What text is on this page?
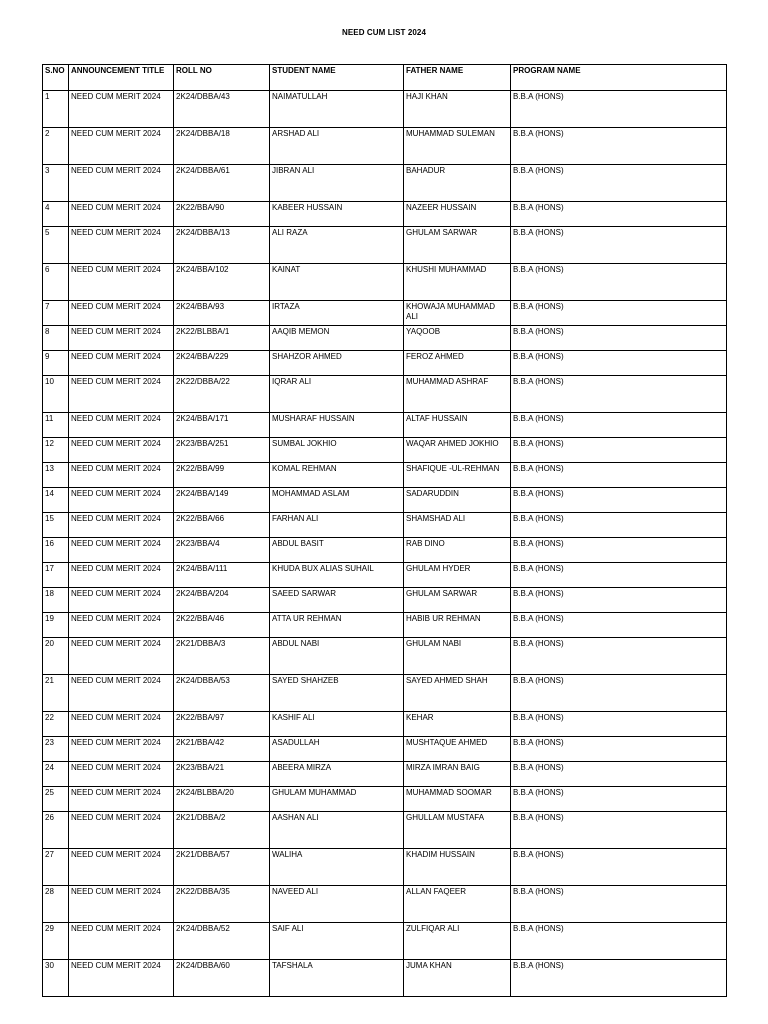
NEED CUM LIST 2024
S.NO	ANNOUNCEMENT TITLE	ROLL NO	STUDENT NAME	FATHER NAME	PROGRAM NAME
1	NEED CUM MERIT 2024	2K24/DBBA/43	NAIMATULLAH	HAJI KHAN	B.B.A (HONS)
2	NEED CUM MERIT 2024	2K24/DBBA/18	ARSHAD ALI	MUHAMMAD SULEMAN	B.B.A (HONS)
3	NEED CUM MERIT 2024	2K24/DBBA/61	JIBRAN ALI	BAHADUR	B.B.A (HONS)
4	NEED CUM MERIT 2024	2K22/BBA/90	KABEER HUSSAIN	NAZEER HUSSAIN	B.B.A (HONS)
5	NEED CUM MERIT 2024	2K24/DBBA/13	ALI RAZA	GHULAM SARWAR	B.B.A (HONS)
6	NEED CUM MERIT 2024	2K24/BBA/102	KAINAT	KHUSHI MUHAMMAD	B.B.A (HONS)
7	NEED CUM MERIT 2024	2K24/BBA/93	IRTAZA	KHOWAJA MUHAMMAD ALI	B.B.A (HONS)
8	NEED CUM MERIT 2024	2K22/BLBBA/1	AAQIB MEMON	YAQOOB	B.B.A (HONS)
9	NEED CUM MERIT 2024	2K24/BBA/229	SHAHZOR AHMED	FEROZ AHMED	B.B.A (HONS)
10	NEED CUM MERIT 2024	2K22/DBBA/22	IQRAR ALI	MUHAMMAD ASHRAF	B.B.A (HONS)
11	NEED CUM MERIT 2024	2K24/BBA/171	MUSHARAF HUSSAIN	ALTAF HUSSAIN	B.B.A (HONS)
12	NEED CUM MERIT 2024	2K23/BBA/251	SUMBAL JOKHIO	WAQAR AHMED JOKHIO	B.B.A (HONS)
13	NEED CUM MERIT 2024	2K22/BBA/99	KOMAL REHMAN	SHAFIQUE -UL-REHMAN	B.B.A (HONS)
14	NEED CUM MERIT 2024	2K24/BBA/149	MOHAMMAD ASLAM	SADARUDDIN	B.B.A (HONS)
15	NEED CUM MERIT 2024	2K22/BBA/66	FARHAN ALI	SHAMSHAD ALI	B.B.A (HONS)
16	NEED CUM MERIT 2024	2K23/BBA/4	ABDUL BASIT	RAB DINO	B.B.A (HONS)
17	NEED CUM MERIT 2024	2K24/BBA/111	KHUDA BUX ALIAS SUHAIL	GHULAM HYDER	B.B.A (HONS)
18	NEED CUM MERIT 2024	2K24/BBA/204	SAEED SARWAR	GHULAM SARWAR	B.B.A (HONS)
19	NEED CUM MERIT 2024	2K22/BBA/46	ATTA UR REHMAN	HABIB UR REHMAN	B.B.A (HONS)
20	NEED CUM MERIT 2024	2K21/DBBA/3	ABDUL NABI	GHULAM NABI	B.B.A (HONS)
21	NEED CUM MERIT 2024	2K24/DBBA/53	SAYED SHAHZEB	SAYED AHMED SHAH	B.B.A (HONS)
22	NEED CUM MERIT 2024	2K22/BBA/97	KASHIF ALI	KEHAR	B.B.A (HONS)
23	NEED CUM MERIT 2024	2K21/BBA/42	ASADULLAH	MUSHTAQUE AHMED	B.B.A (HONS)
24	NEED CUM MERIT 2024	2K23/BBA/21	ABEERA MIRZA	MIRZA IMRAN BAIG	B.B.A (HONS)
25	NEED CUM MERIT 2024	2K24/BLBBA/20	GHULAM MUHAMMAD	MUHAMMAD SOOMAR	B.B.A (HONS)
26	NEED CUM MERIT 2024	2K21/DBBA/2	AASHAN ALI	GHULLAM MUSTAFA	B.B.A (HONS)
27	NEED CUM MERIT 2024	2K21/DBBA/57	WALIHA	KHADIM HUSSAIN	B.B.A (HONS)
28	NEED CUM MERIT 2024	2K22/DBBA/35	NAVEED ALI	ALLAN FAQEER	B.B.A (HONS)
29	NEED CUM MERIT 2024	2K24/DBBA/52	SAIF ALI	ZULFIQAR ALI	B.B.A (HONS)
30	NEED CUM MERIT 2024	2K24/DBBA/60	TAFSHALA	JUMA KHAN	B.B.A (HONS)
